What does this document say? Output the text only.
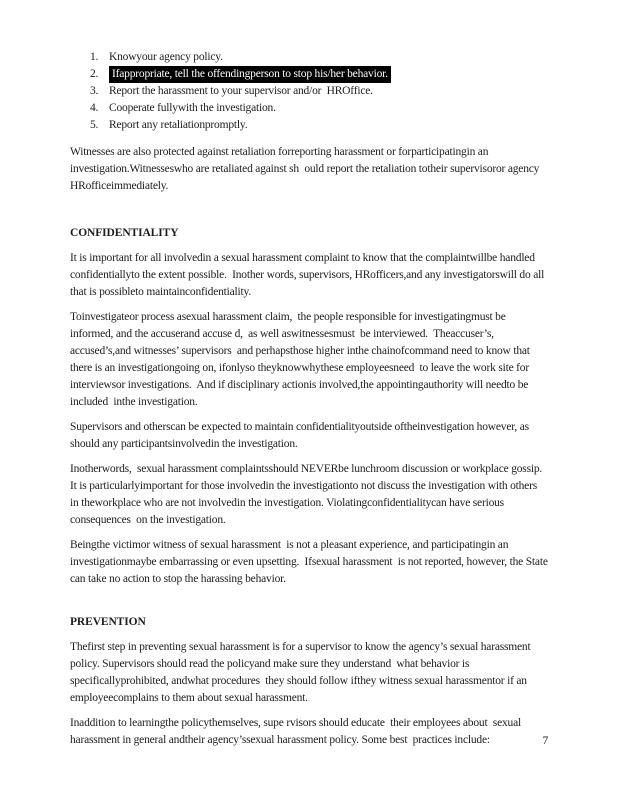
1. Knowyour agency policy.
2.	Ifappropriate, tell the offendingperson to stop his/her behavior.
3. Report the harassment to your supervisor and/or  HROffice.
4. Cooperate fullywith the investigation.
5. Report any retaliationpromptly.

Witnesses are also protected against retaliation forreporting harassment or forparticipatingin an investigation.Witnesseswho are retaliated against sh  ould report the retaliation totheir supervisoror agency HRofficeimmediately.

CONFIDENTIALITY

It is important for all involvedin a sexual harassment complaint to know that the complaintwillbe handled confidentiallyto the extent possible.  Inother words, supervisors, HRofficers,and any investigatorswill do all that is possibleto maintainconfidentiality.

Toinvestigateor process asexual harassment claim,  the people responsible for investigatingmust be informed, and the accuserand accuse d,  as well aswitnessesmust  be interviewed.  Theaccuser’s, accused’s,and witnesses’ supervisors  and perhapsthose higher inthe chainofcommand need to know that there is an investigationgoing on, ifonlyso theyknowwhythese employeesneed  to leave the work site for interviewsor investigations.  And if disciplinary actionis involved,the appointingauthority will needto be included  inthe investigation.

Supervisors and otherscan be expected to maintain confidentialityoutside oftheinvestigation however, as should any participantsinvolvedin the investigation.

Inotherwords,  sexual harassment complaintsshould NEVERbe lunchroom discussion or workplace gossip.  It is particularlyimportant for those involvedin the investigationto not discuss the investigation with others in theworkplace who are not involvedin the investigation. Violatingconfidentialitycan have serious consequences  on the investigation.

Beingthe victimor witness of sexual harassment  is not a pleasant experience, and participatingin an investigationmaybe embarrassing or even upsetting.  Ifsexual harassment  is not reported, however, the State can take no action to stop the harassing behavior.

PREVENTION

Thefirst step in preventing sexual harassment is for a supervisor to know the agency’s sexual harassment policy. Supervisors should read the policyand make sure they understand  what behavior is specificallyprohibited, andwhat procedures  they should follow ifthey witness sexual harassmentor if an employeecomplains to them about sexual harassment.

Inaddition to learningthe policythemselves, supe rvisors should educate  their employees about  sexual harassment in general andtheir agency’ssexual harassment policy. Some best  practices include:	7
